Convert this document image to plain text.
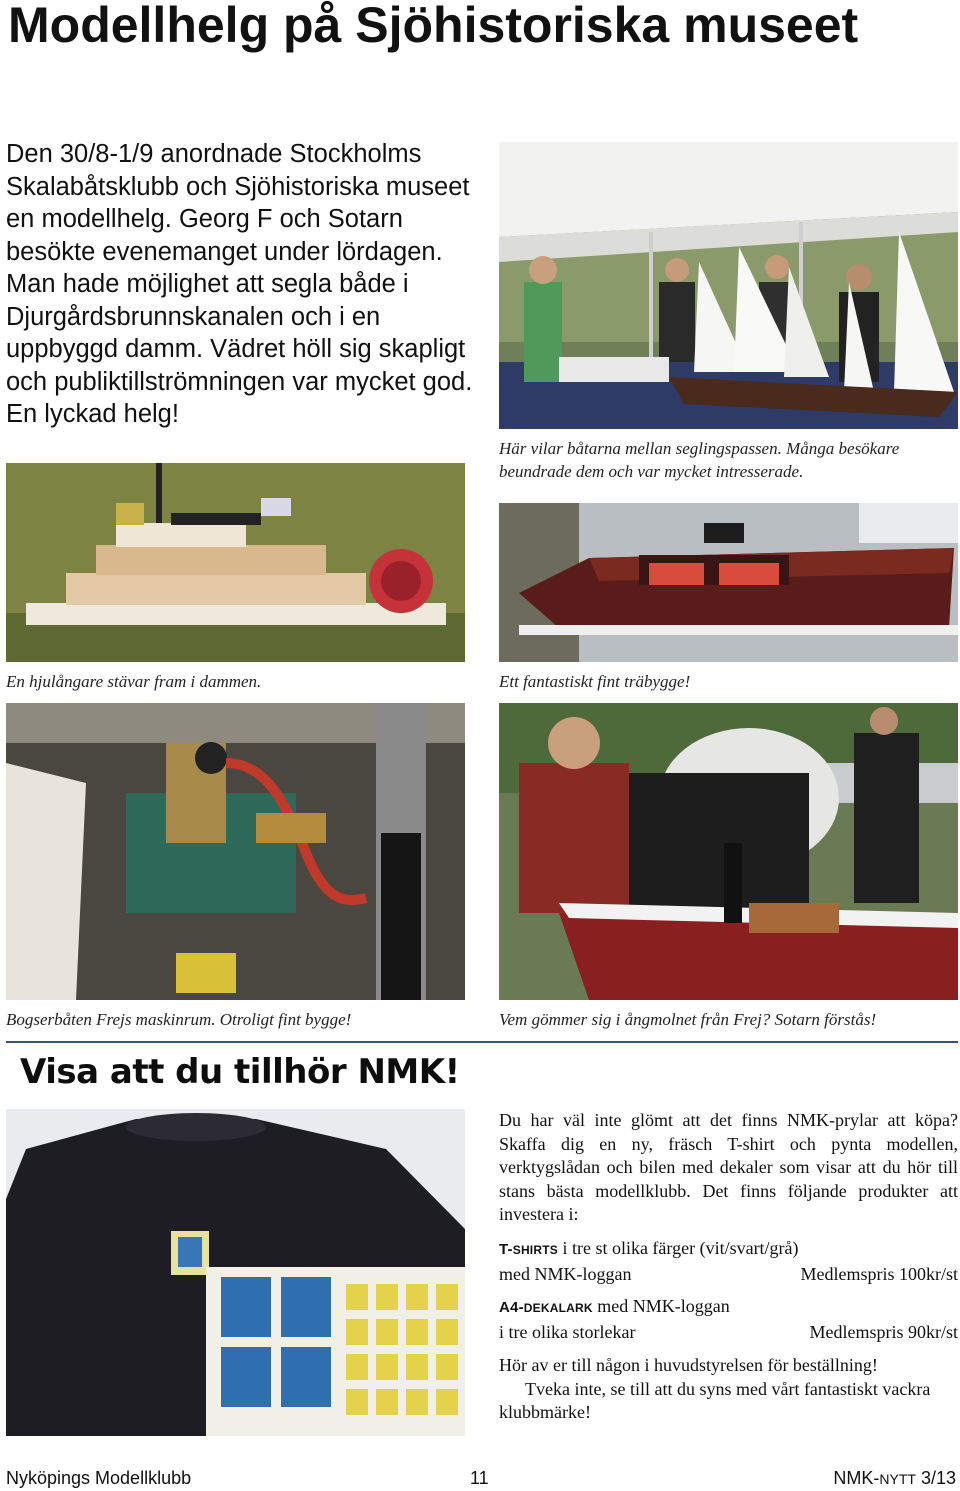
Modellhelg på Sjöhistoriska museet
Den 30/8-1/9 anordnade Stockholms Skalabåtsklubb och Sjöhistoriska museet en modellhelg. Georg F och Sotarn besökte evenemanget under lördagen. Man hade möjlighet att segla både i Djurgårdsbrunnskanalen och i en uppbyggd damm. Vädret höll sig skapligt och publiktillströmningen var mycket god. En lyckad helg!
Här vilar båtarna mellan seglingspassen. Många besökare beundrade dem och var mycket intresserade.
En hjulångare stävar fram i dammen.	Ett fantastiskt fint träbygge!
Bogserbåten Frejs maskinrum. Otroligt fint bygge!	Vem gömmer sig i ångmolnet från Frej? Sotarn förstås!
Visa att du tillhör NMK!
Du har väl inte glömt att det finns NMK-prylar att köpa? Skaffa dig en ny, fräsch T-shirt och pynta modellen, verktygslådan och bilen med dekaler som visar att du hör till stans bästa modellklubb. Det finns följande produkter att investera i:
T-SHIRTS i tre st olika färger (vit/svart/grå)
med NMK-loggan	Medlemspris 100kr/st
A4-DEKALARK med NMK-loggan
i tre olika storlekar	Medlemspris 90kr/st
Hör av er till någon i huvudstyrelsen för beställning!
Tveka inte, se till att du syns med vårt fantastiskt vackra klubbmärke!
Nyköpings Modellklubb	11	NMK-NYTT 3/13
